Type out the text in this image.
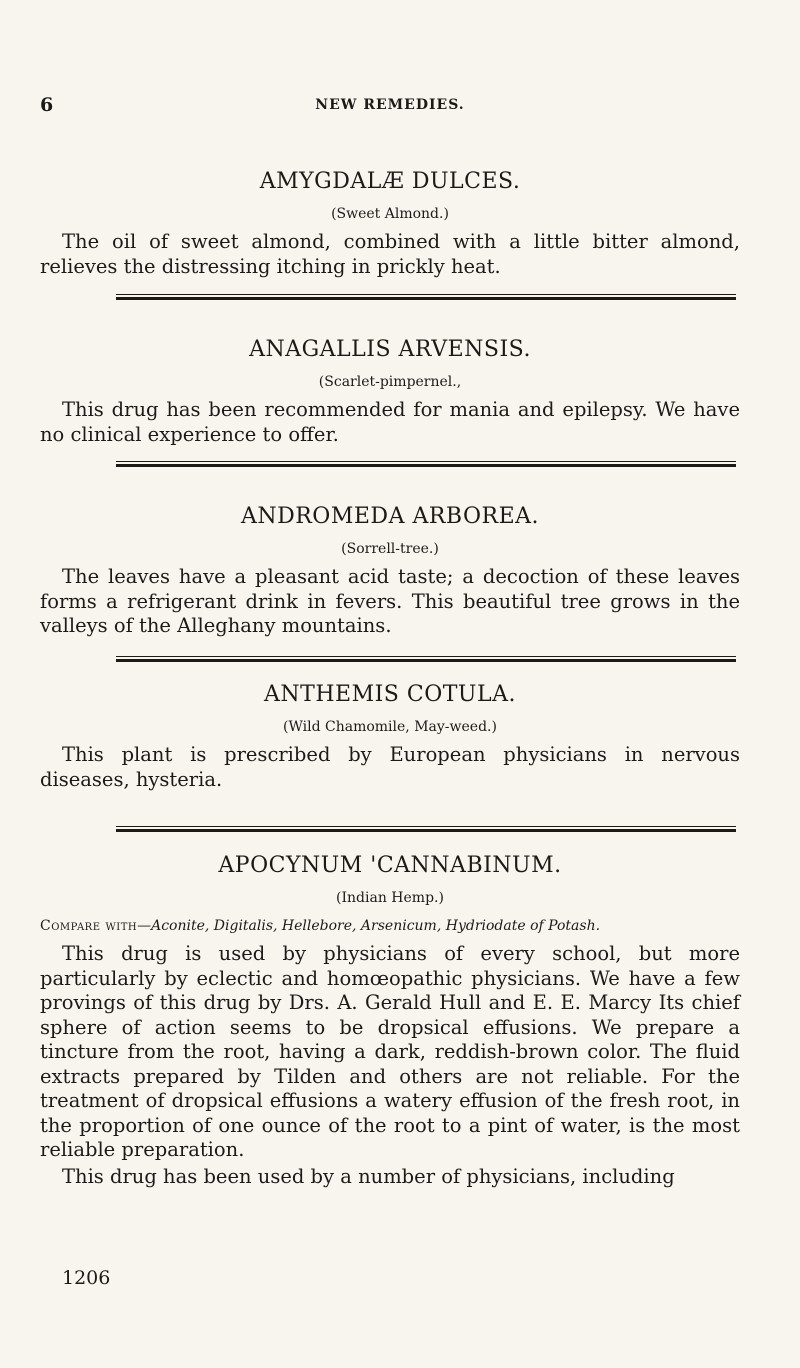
6	NEW REMEDIES.
AMYGDALÆ DULCES.
(Sweet Almond.)

The oil of sweet almond, combined with a little bitter almond, relieves the distressing itching in prickly heat.

ANAGALLIS ARVENSIS.
(Scarlet-pimpernel.,

This drug has been recommended for mania and epilepsy. We have no clinical experience to offer.

ANDROMEDA ARBOREA.
(Sorrell-tree.)

The leaves have a pleasant acid taste; a decoction of these leaves forms a refrigerant drink in fevers. This beautiful tree grows in the valleys of the Alleghany mountains.

ANTHEMIS COTULA.
(Wild Chamomile, May-weed.)

This plant is prescribed by European physicians in nervous diseases, hysteria.

APOCYNUM 'CANNABINUM.
(Indian Hemp.)
Compare with—Aconite, Digitalis, Hellebore, Arsenicum, Hydriodate of Potash.

This drug is used by physicians of every school, but more particularly by eclectic and homœopathic physicians. We have a few provings of this drug by Drs. A. Gerald Hull and E. E. Marcy Its chief sphere of action seems to be dropsical effusions. We prepare a tincture from the root, having a dark, reddish-brown color. The fluid extracts prepared by Tilden and others are not reliable. For the treatment of dropsical effusions a watery effusion of the fresh root, in the proportion of one ounce of the root to a pint of water, is the most reliable preparation.

This drug has been used by a number of physicians, including

1206
